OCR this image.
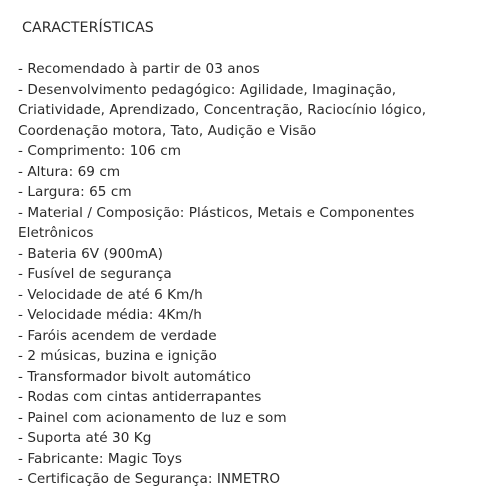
CARACTERÍSTICAS
- Recomendado à partir de 03 anos
- Desenvolvimento pedagógico: Agilidade, Imaginação,
Criatividade, Aprendizado, Concentração, Raciocínio lógico,
Coordenação motora, Tato, Audição e Visão
- Comprimento: 106 cm
- Altura: 69 cm
- Largura: 65 cm
- Material / Composição: Plásticos, Metais e Componentes
Eletrônicos
- Bateria 6V (900mA)
- Fusível de segurança
- Velocidade de até 6 Km/h
- Velocidade média: 4Km/h
- Faróis acendem de verdade
- 2 músicas, buzina e ignição
- Transformador bivolt automático
- Rodas com cintas antiderrapantes
- Painel com acionamento de luz e som
- Suporta até 30 Kg
- Fabricante: Magic Toys
- Certificação de Segurança: INMETRO
